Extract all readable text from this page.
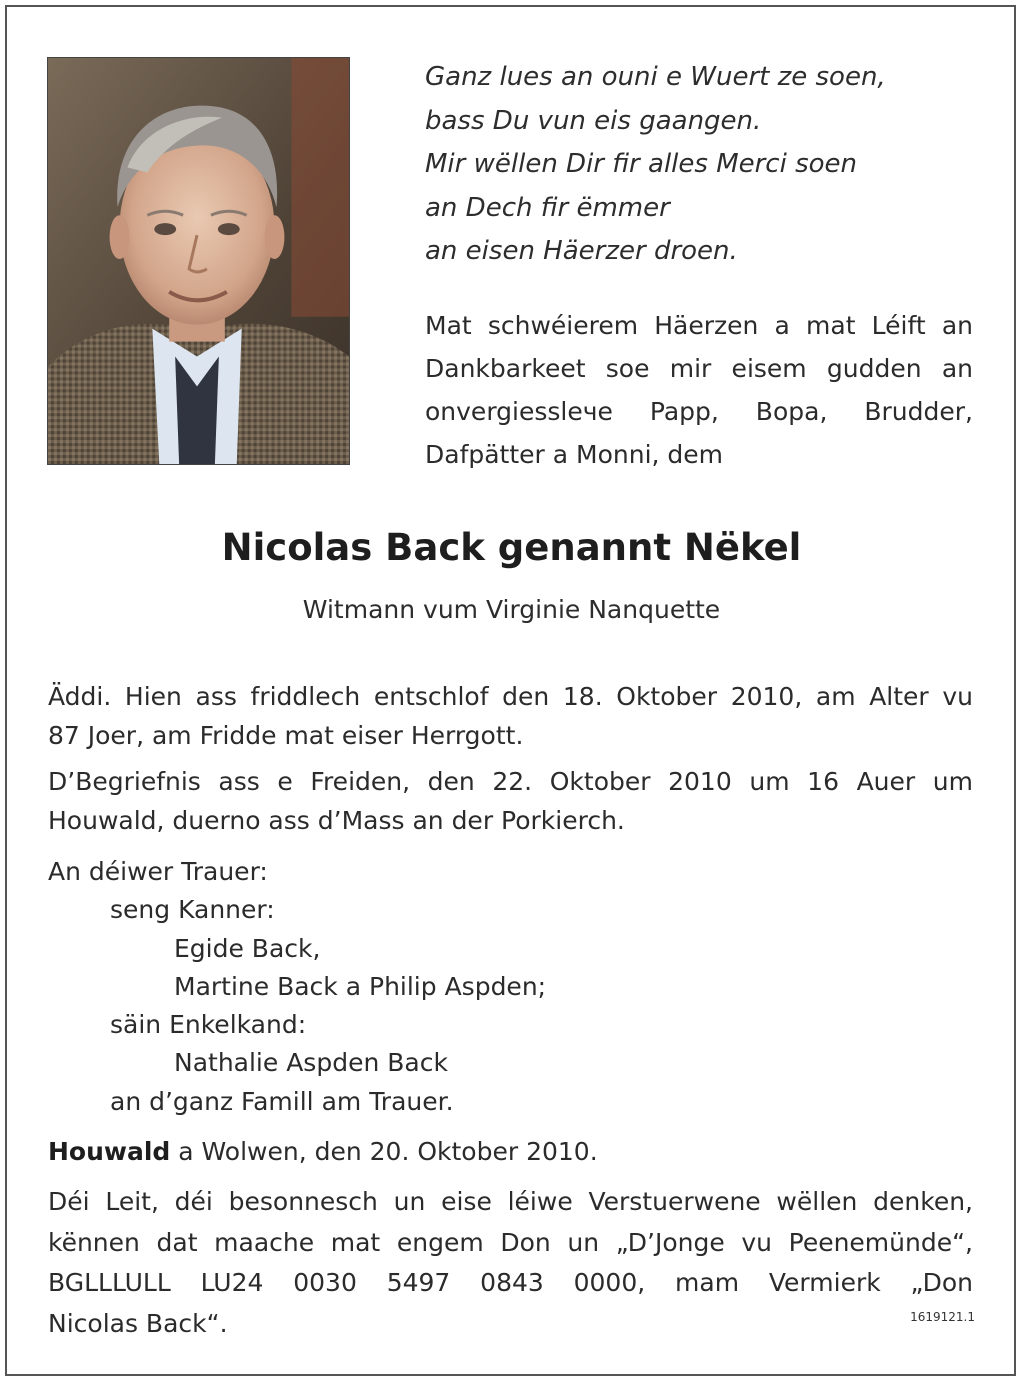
Ganz lues an ouni e Wuert ze soen,
bass Du vun eis gaangen.
Mir wëllen Dir fir alles Merci soen
an Dech fir ëmmer
an eisen Häerzer droen.
Mat schwéierem Häerzen a mat Léift an
Dankbarkeet soe mir eisem gudden an
onvergiesslече Papp, Bopa, Brudder,
Dafpätter a Monni, dem
Nicolas Back genannt Nëkel
Witmann vum Virginie Nanquette
Äddi. Hien ass friddlech entschlof den 18. Oktober 2010, am Alter vu
87 Joer, am Fridde mat eiser Herrgott.
D’Begriefnis ass e Freiden, den 22. Oktober 2010 um 16 Auer um
Houwald, duerno ass d’Mass an der Porkierch.
An déiwer Trauer:
seng Kanner:
Egide Back,
Martine Back a Philip Aspden;
säin Enkelkand:
Nathalie Aspden Back
an d’ganz Famill am Trauer.
Houwald a Wolwen, den 20. Oktober 2010.
Déi Leit, déi besonnesch un eise léiwe Verstuerwene wëllen denken,
kënnen dat maache mat engem Don un „D’Jonge vu Peenemünde“,
BGLLLULL LU24 0030 5497 0843 0000, mam Vermierk „Don
Nicolas Back“.	1619121.1
